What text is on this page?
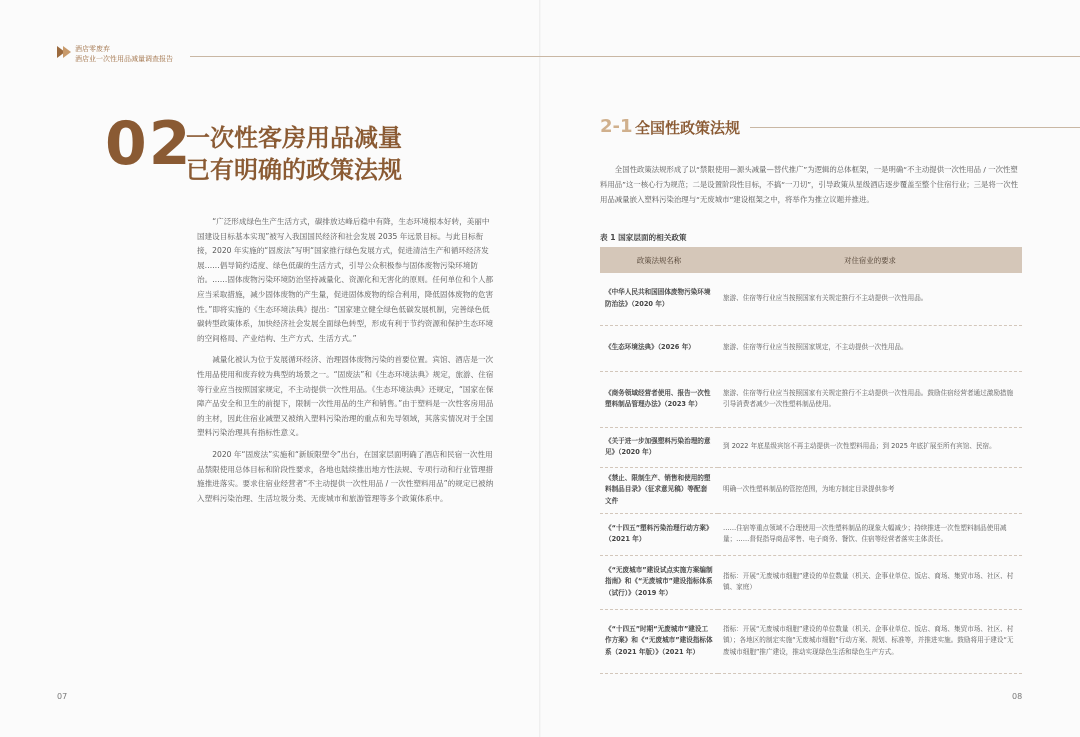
酒店零废弃
酒店业一次性用品减量调查报告
02
一次性客房用品减量
已有明确的政策法规

“广泛形成绿色生产生活方式，碳排放达峰后稳中有降，生态环境根本好转，美丽中国建设目标基本实现”被写入我国国民经济和社会发展 2035 年远景目标。与此目标衔接，2020 年实施的“固废法”写明“国家推行绿色发展方式，促进清洁生产和循环经济发展……倡导简约适度、绿色低碳的生活方式，引导公众积极参与固体废物污染环境防治。……固体废物污染环境防治坚持减量化、资源化和无害化的原则。任何单位和个人都应当采取措施，减少固体废物的产生量，促进固体废物的综合利用，降低固体废物的危害性。”即将实施的《生态环境法典》提出：“国家建立健全绿色低碳发展机制，完善绿色低碳转型政策体系，加快经济社会发展全面绿色转型，形成有利于节约资源和保护生态环境的空间格局、产业结构、生产方式、生活方式。”

减量化被认为位于发展循环经济、治理固体废物污染的首要位置。宾馆、酒店是一次性用品使用和废弃较为典型的场景之一。“固废法”和《生态环境法典》规定，旅游、住宿等行业应当按照国家规定，不主动提供一次性用品。《生态环境法典》还规定，“国家在保障产品安全和卫生的前提下，限制一次性用品的生产和销售。”由于塑料是一次性客房用品的主材，因此住宿业减塑又被纳入塑料污染治理的重点和先导领域，其落实情况对于全国塑料污染治理具有指标性意义。

2020 年“固废法”实施和“新版限塑令”出台，在国家层面明确了酒店和民宿一次性用品禁限使用总体目标和阶段性要求，各地也陆续推出地方性法规、专项行动和行业管理措施推进落实。要求住宿业经营者“不主动提供一次性用品 / 一次性塑料用品”的规定已被纳入塑料污染治理、生活垃圾分类、无废城市和旅游管理等多个政策体系中。

07
2-1 全国性政策法规
全国性政策法规形成了以“禁限使用—源头减量—替代推广”为逻辑的总体框架，一是明确“不主动提供一次性用品 / 一次性塑料用品”这一核心行为规范；二是设置阶段性目标，不搞“一刀切”，引导政策从星级酒店逐步覆盖至整个住宿行业；三是将一次性用品减量嵌入塑料污染治理与“无废城市”建设框架之中，将举作为推立议题并推进。
表 1 国家层面的相关政策
政策法规名称	对住宿业的要求
《中华人民共和国固体废物污染环境防治法》（2020 年）	旅游、住宿等行业应当按照国家有关规定推行不主动提供一次性用品。
《生态环境法典》（2026 年）	旅游、住宿等行业应当按照国家规定，不主动提供一次性用品。
《商务领域经营者使用、报告一次性塑料制品管理办法》（2023 年）	旅游、住宿等行业应当按照国家有关规定推行不主动提供一次性用品。鼓励住宿经营者通过激励措施引导消费者减少一次性塑料制品使用。
《关于进一步加强塑料污染治理的意见》（2020 年）	到 2022 年底星级宾馆不再主动提供一次性塑料用品；到 2025 年底扩展至所有宾馆、民宿。
《禁止、限制生产、销售和使用的塑料制品目录》（征求意见稿）等配套文件	明确一次性塑料制品的管控范围，为地方制定目录提供参考
《“十四五”塑料污染治理行动方案》（2021 年）	……住宿等重点领域不合理使用一次性塑料制品的现象大幅减少；持续推进一次性塑料制品使用减量；……督促指导商品零售、电子商务、餐饮、住宿等经营者落实主体责任。
《“无废城市”建设试点实施方案编制指南》和《“无废城市”建设指标体系（试行）》（2019 年）	指标：开展“无废城市细胞”建设的单位数量（机关、企事业单位、饭店、商场、集贸市场、社区、村镇、家庭）
《“十四五”时期“无废城市”建设工作方案》和《“无废城市”建设指标体系（2021 年版）》（2021 年）	指标：开展“无废城市细胞”建设的单位数量（机关、企事业单位、饭店、商场、集贸市场、社区、村镇）；各地区的制定实施“无废城市细胞”行动方案、规划、标准等，并推进实施。鼓励将用于建设“无废城市细胞”推广建设，推动实现绿色生活和绿色生产方式。
08
